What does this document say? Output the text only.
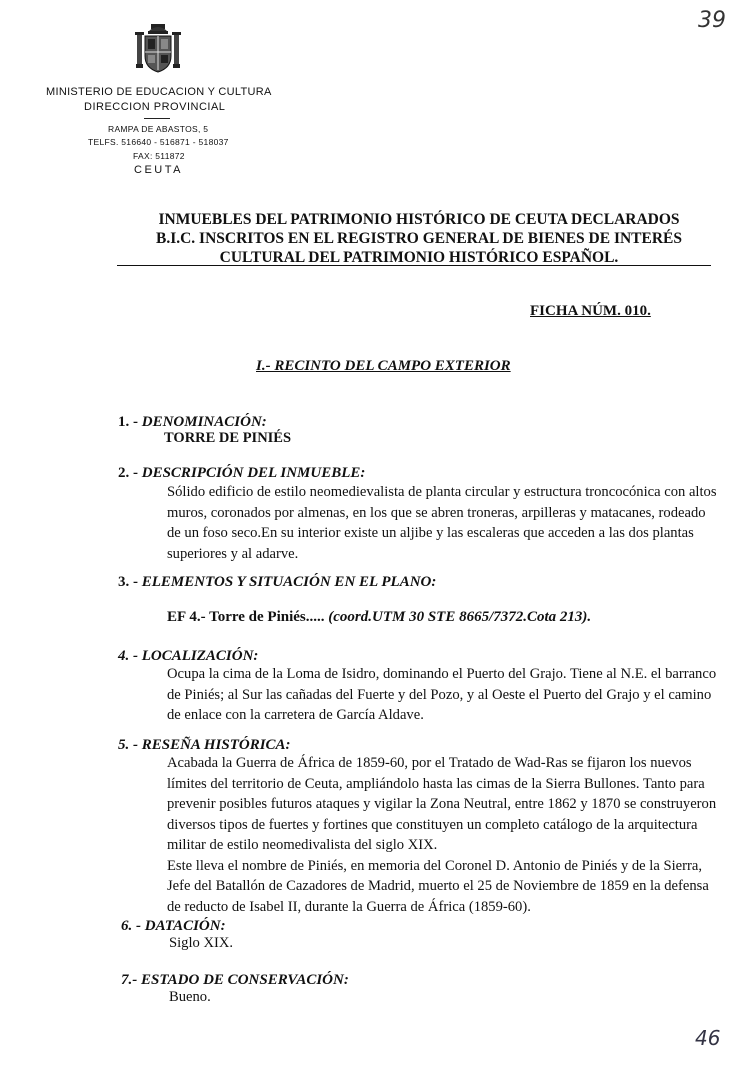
MINISTERIO DE EDUCACION Y CULTURA
DIRECCION PROVINCIAL
RAMPA DE ABASTOS, 5
TELFS. 516640 - 516871 - 518037
FAX: 511872
CEUTA
39
46
INMUEBLES DEL PATRIMONIO HISTÓRICO DE CEUTA DECLARADOS
B.I.C. INSCRITOS EN EL REGISTRO GENERAL DE BIENES DE INTERÉS
CULTURAL DEL PATRIMONIO HISTÓRICO ESPAÑOL.
FICHA NÚM. 010.
I.- RECINTO DEL CAMPO EXTERIOR
1. - DENOMINACIÓN:
TORRE DE PINIÉS
2. - DESCRIPCIÓN DEL INMUEBLE:
Sólido edificio de estilo neomedievalista de planta circular y estructura troncocónica con altos
muros, coronados por almenas, en los que se abren troneras, arpilleras y matacanes, rodeado
de un foso seco.En su interior existe un aljibe y las escaleras que acceden a las dos plantas
superiores y al adarve.
3. - ELEMENTOS Y SITUACIÓN EN EL PLANO:
EF 4.- Torre de Piniés..... (coord.UTM 30 STE 8665/7372.Cota 213).
4. - LOCALIZACIÓN:
Ocupa la cima de la Loma de Isidro, dominando el Puerto del Grajo. Tiene al N.E. el barranco
de Piniés; al Sur las cañadas del Fuerte y del Pozo, y al Oeste el Puerto del Grajo y el camino
de enlace con la carretera de García Aldave.
5. - RESEÑA HISTÓRICA:
Acabada la Guerra de África de 1859-60, por el Tratado de Wad-Ras se fijaron los nuevos
límites del territorio de Ceuta, ampliándolo hasta las cimas de la Sierra Bullones. Tanto para
prevenir posibles futuros ataques y vigilar la Zona Neutral, entre 1862 y 1870 se construyeron
diversos tipos de fuertes y fortines que constituyen un completo catálogo de la arquitectura
militar de estilo neomedivalista del siglo XIX.
Este lleva el nombre de Piniés, en memoria del Coronel D. Antonio de Piniés y de la Sierra,
Jefe del Batallón de Cazadores de Madrid, muerto el 25 de Noviembre de 1859 en la defensa
de reducto de Isabel II, durante la Guerra de África (1859-60).
6. - DATACIÓN:
Siglo XIX.
7.- ESTADO DE CONSERVACIÓN:
Bueno.
